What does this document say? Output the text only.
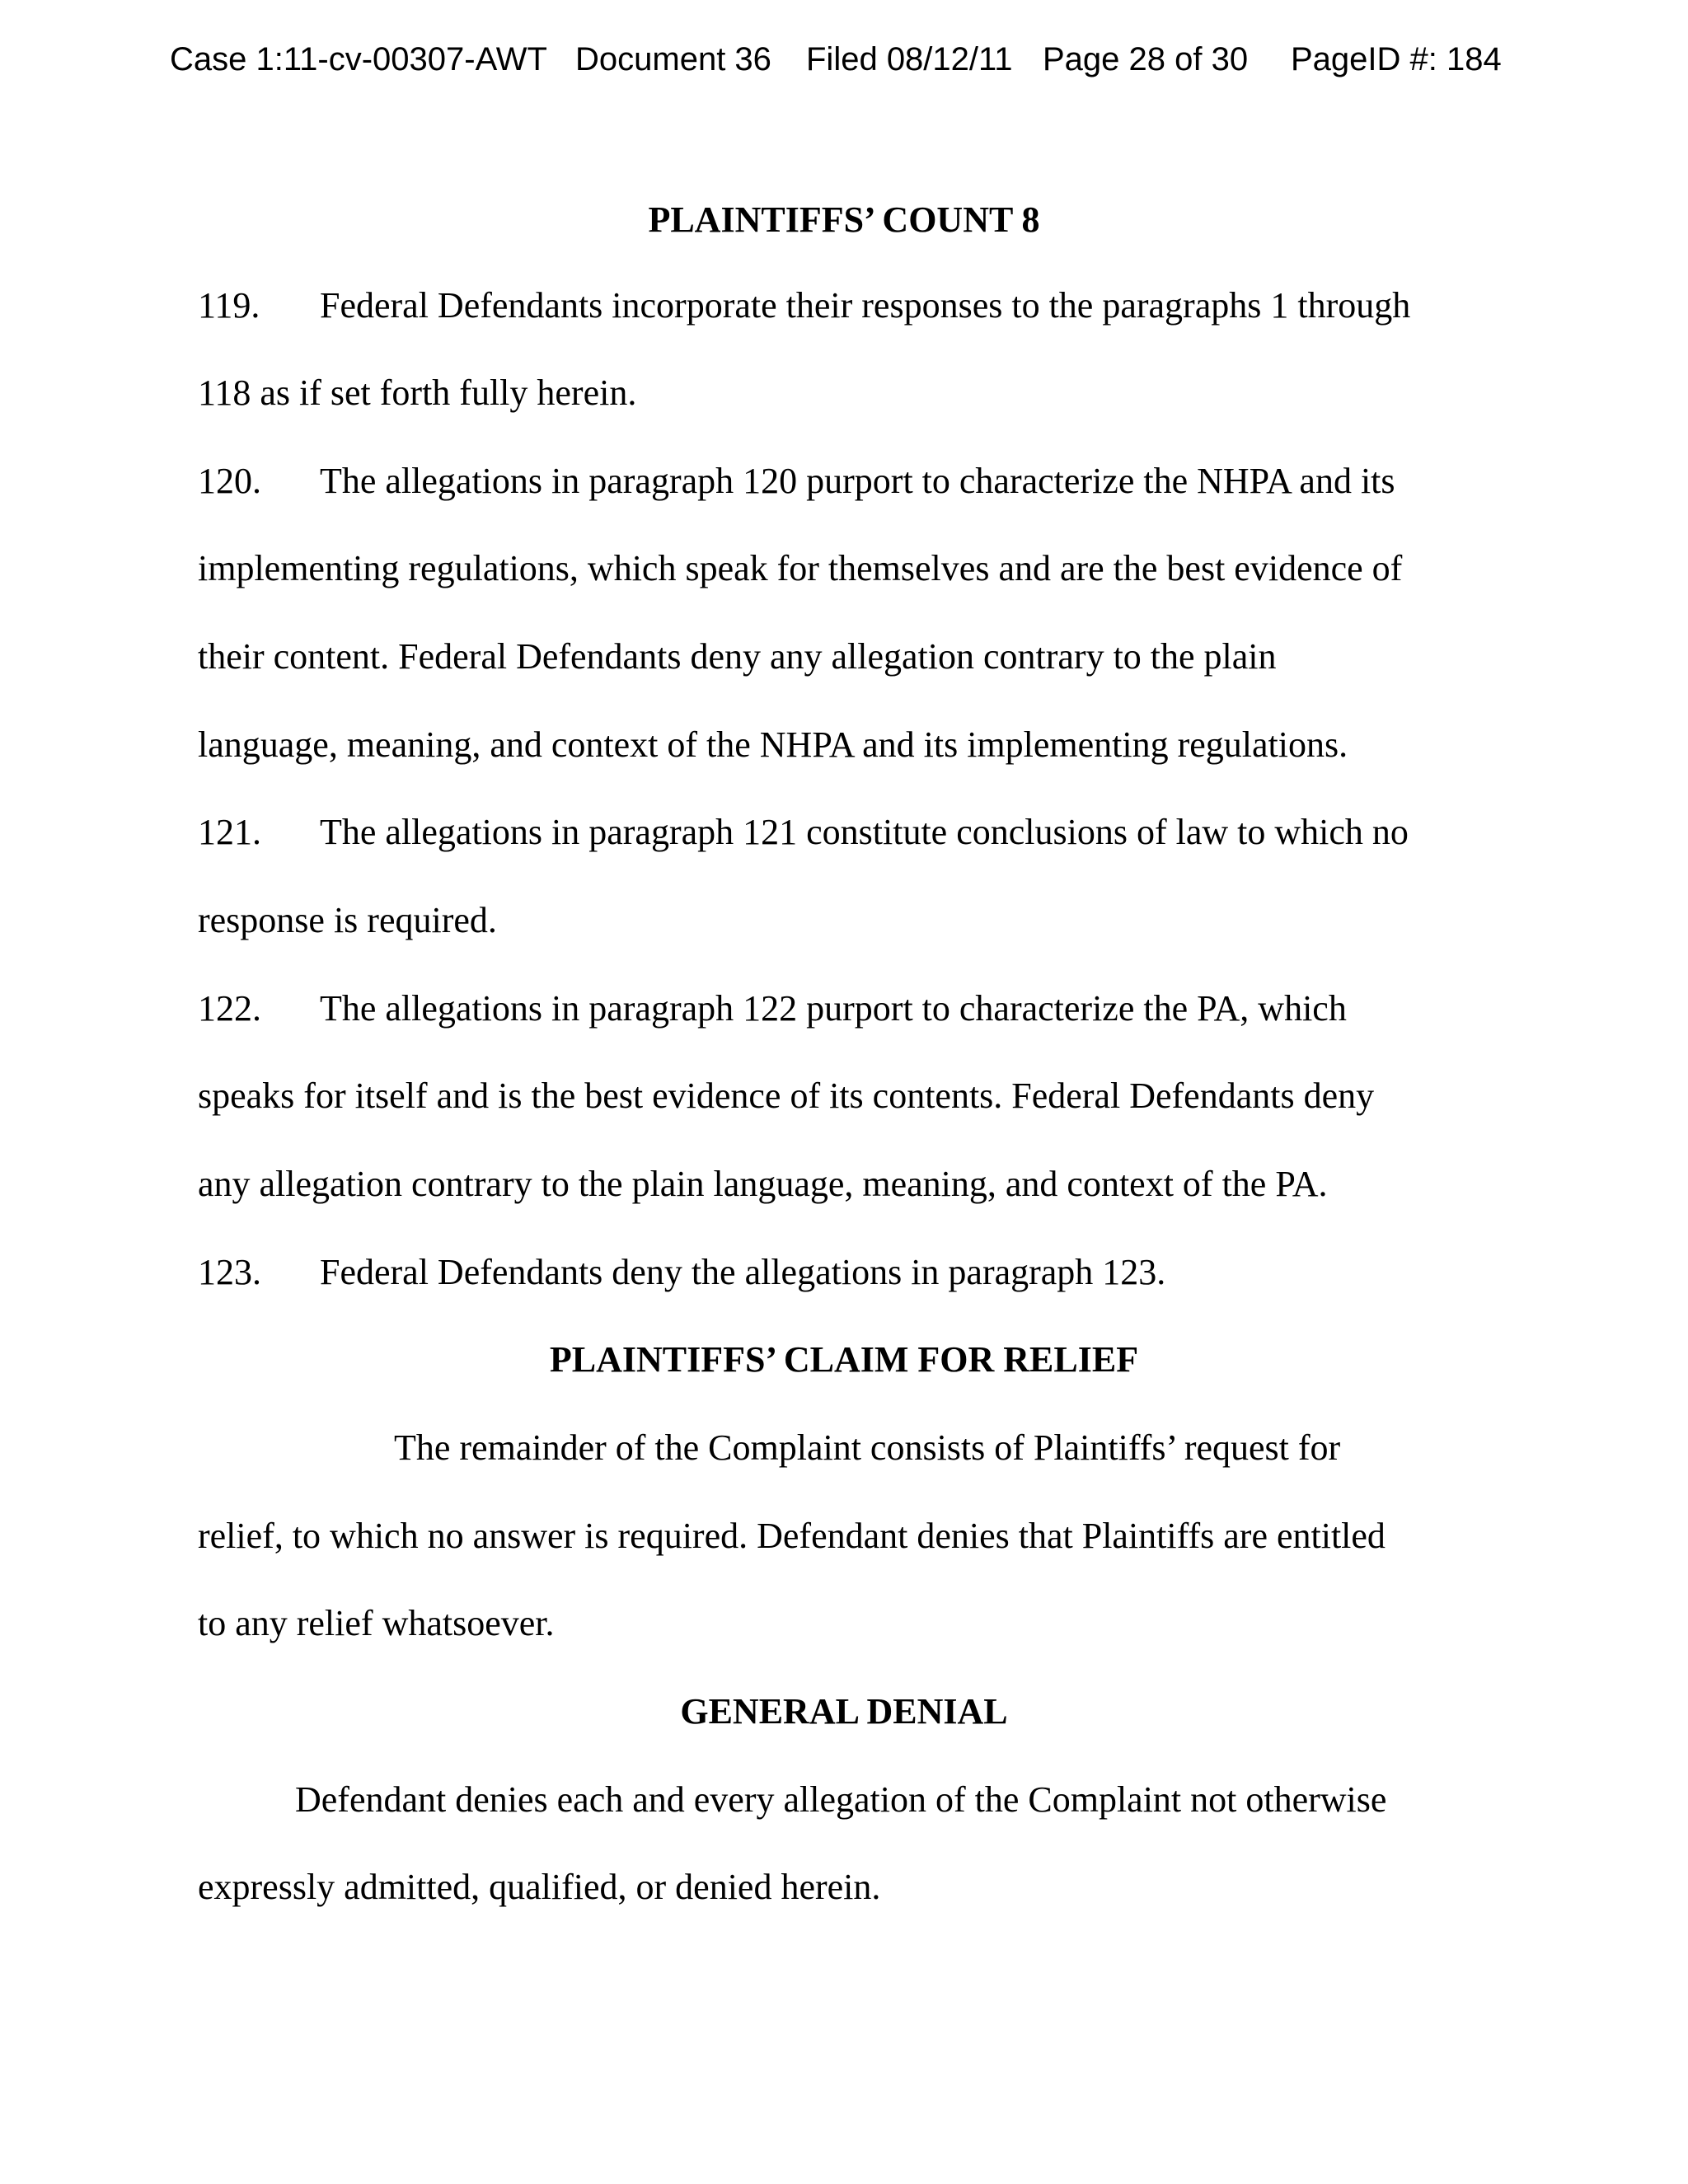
Case 1:11-cv-00307-AWT Document 36 Filed 08/12/11 Page 28 of 30 PageID #: 184
PLAINTIFFS’ COUNT 8
119. Federal Defendants incorporate their responses to the paragraphs 1 through
118 as if set forth fully herein.
120. The allegations in paragraph 120 purport to characterize the NHPA and its
implementing regulations, which speak for themselves and are the best evidence of
their content. Federal Defendants deny any allegation contrary to the plain
language, meaning, and context of the NHPA and its implementing regulations.
121. The allegations in paragraph 121 constitute conclusions of law to which no
response is required.
122. The allegations in paragraph 122 purport to characterize the PA, which
speaks for itself and is the best evidence of its contents. Federal Defendants deny
any allegation contrary to the plain language, meaning, and context of the PA.
123. Federal Defendants deny the allegations in paragraph 123.
PLAINTIFFS’ CLAIM FOR RELIEF
The remainder of the Complaint consists of Plaintiffs’ request for
relief, to which no answer is required. Defendant denies that Plaintiffs are entitled
to any relief whatsoever.
GENERAL DENIAL
Defendant denies each and every allegation of the Complaint not otherwise
expressly admitted, qualified, or denied herein.
